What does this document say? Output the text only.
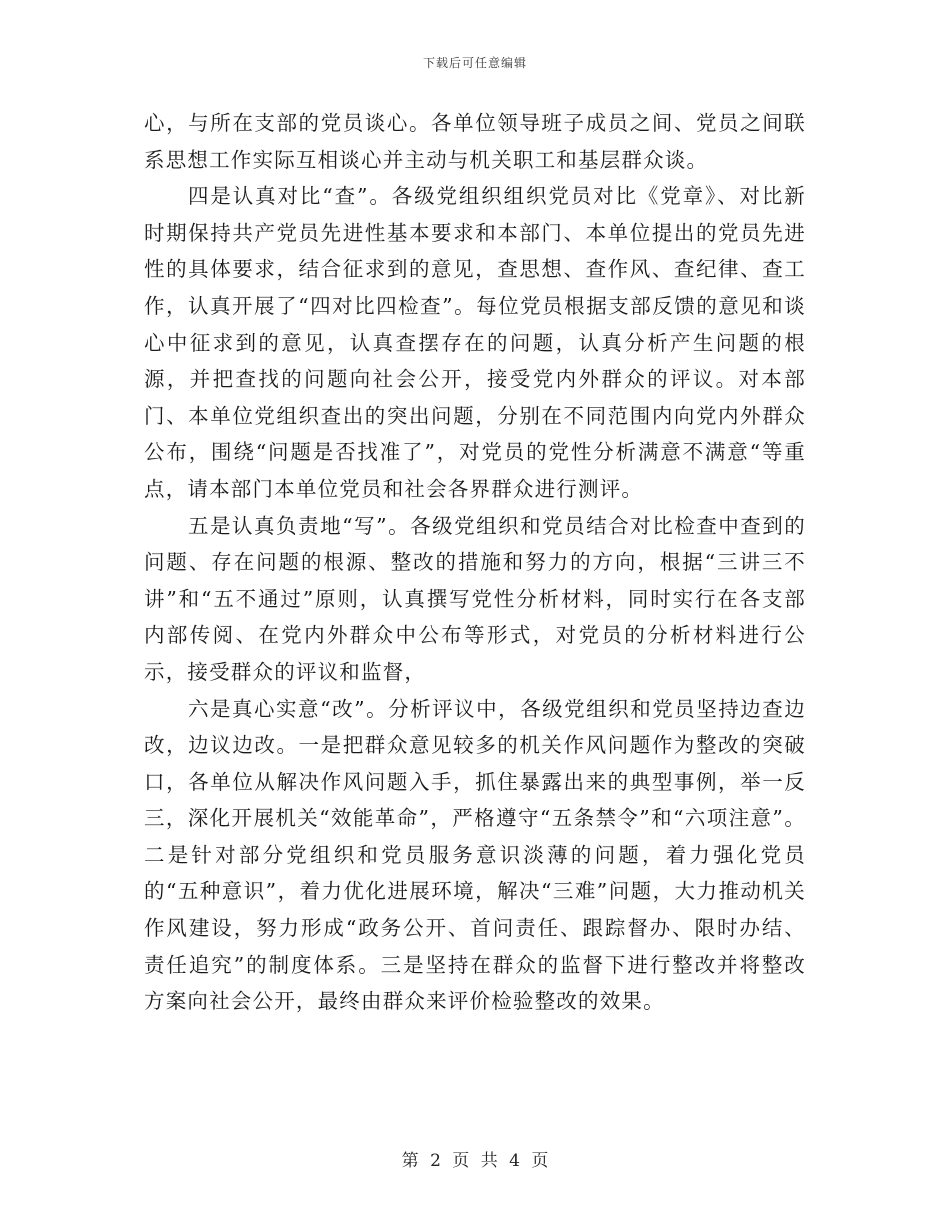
下载后可任意编辑

心，与所在支部的党员谈心。各单位领导班子成员之间、党员之间联系思想工作实际互相谈心并主动与机关职工和基层群众谈。

四是认真对比“查”。各级党组织组织党员对比《党章》、对比新时期保持共产党员先进性基本要求和本部门、本单位提出的党员先进性的具体要求，结合征求到的意见，查思想、查作风、查纪律、查工作，认真开展了“四对比四检查”。每位党员根据支部反馈的意见和谈心中征求到的意见，认真查摆存在的问题，认真分析产生问题的根源，并把查找的问题向社会公开，接受党内外群众的评议。对本部门、本单位党组织查出的突出问题，分别在不同范围内向党内外群众公布，围绕“问题是否找准了”，对党员的党性分析满意不满意“等重点，请本部门本单位党员和社会各界群众进行测评。

五是认真负责地“写”。各级党组织和党员结合对比检查中查到的问题、存在问题的根源、整改的措施和努力的方向，根据“三讲三不讲”和“五不通过”原则，认真撰写党性分析材料，同时实行在各支部内部传阅、在党内外群众中公布等形式，对党员的分析材料进行公示，接受群众的评议和监督，

六是真心实意“改”。分析评议中，各级党组织和党员坚持边查边改，边议边改。一是把群众意见较多的机关作风问题作为整改的突破口，各单位从解决作风问题入手，抓住暴露出来的典型事例，举一反三，深化开展机关“效能革命”，严格遵守“五条禁令”和“六项注意”。二是针对部分党组织和党员服务意识淡薄的问题，着力强化党员的“五种意识”，着力优化进展环境，解决“三难”问题，大力推动机关作风建设，努力形成“政务公开、首问责任、跟踪督办、限时办结、责任追究”的制度体系。三是坚持在群众的监督下进行整改并将整改方案向社会公开，最终由群众来评价检验整改的效果。

第 2 页 共 4 页
